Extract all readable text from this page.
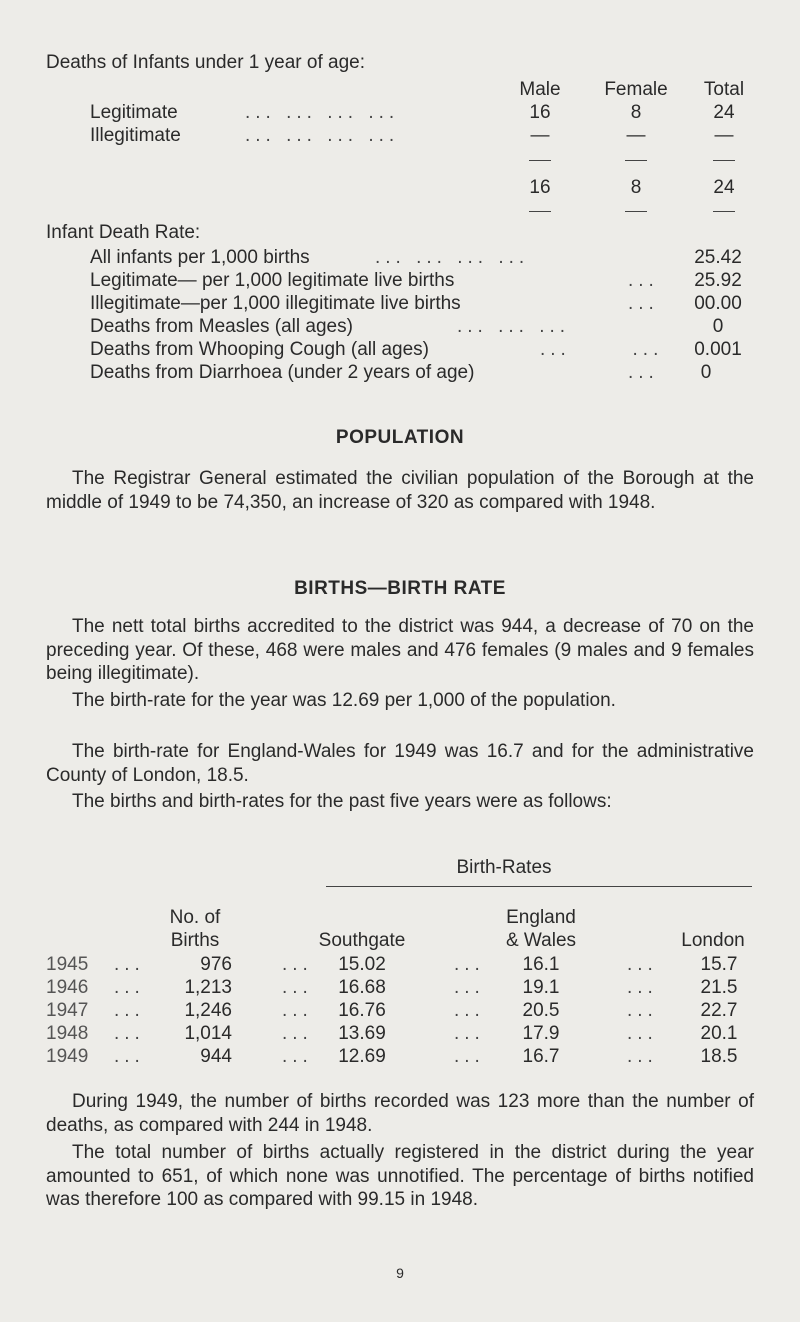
Deaths of Infants under 1 year of age:
Male Female Total
Legitimate	... ... ... ...	16	8	24
Illegitimate	... ... ... ...	—	—	—
16	8	24
Infant Death Rate:
All infants per 1,000 births	... ... ... ...	25.42
Legitimate— per 1,000 legitimate live births	... 25.92
Illegitimate—per 1,000 illegitimate live births	... 00.00
Deaths from Measles (all ages)	... ... ...	0
Deaths from Whooping Cough (all ages)	...      ... 0.001
Deaths from Diarrhoea (under 2 years of age)	... 0
POPULATION
The Registrar General estimated the civilian population of the Borough at the middle of 1949 to be 74,350, an increase of 320 as compared with 1948.
BIRTHS—BIRTH RATE
The nett total births accredited to the district was 944, a decrease of 70 on the preceding year. Of these, 468 were males and 476 females (9 males and 9 females being illegitimate).
The birth-rate for the year was 12.69 per 1,000 of the population.
The birth-rate for England-Wales for 1949 was 16.7 and for the administrative County of London, 18.5.
The births and birth-rates for the past five years were as follows:
Birth-Rates
No. of
Births	Southgate
England
& Wales	London
1945 ...	976	... 15.02	... 16.1	... 15.7
1946 ... 1,213	... 16.68	... 19.1	... 21.5
1947 ... 1,246	... 16.76	... 20.5	... 22.7
1948 ... 1,014	... 13.69	... 17.9	... 20.1
1949 ...	944	... 12.69	... 16.7	... 18.5
During 1949, the number of births recorded was 123 more than the number of deaths, as compared with 244 in 1948.
The total number of births actually registered in the district during the year amounted to 651, of which none was unnotified. The percentage of births notified was therefore 100 as compared with 99.15 in 1948.
9
